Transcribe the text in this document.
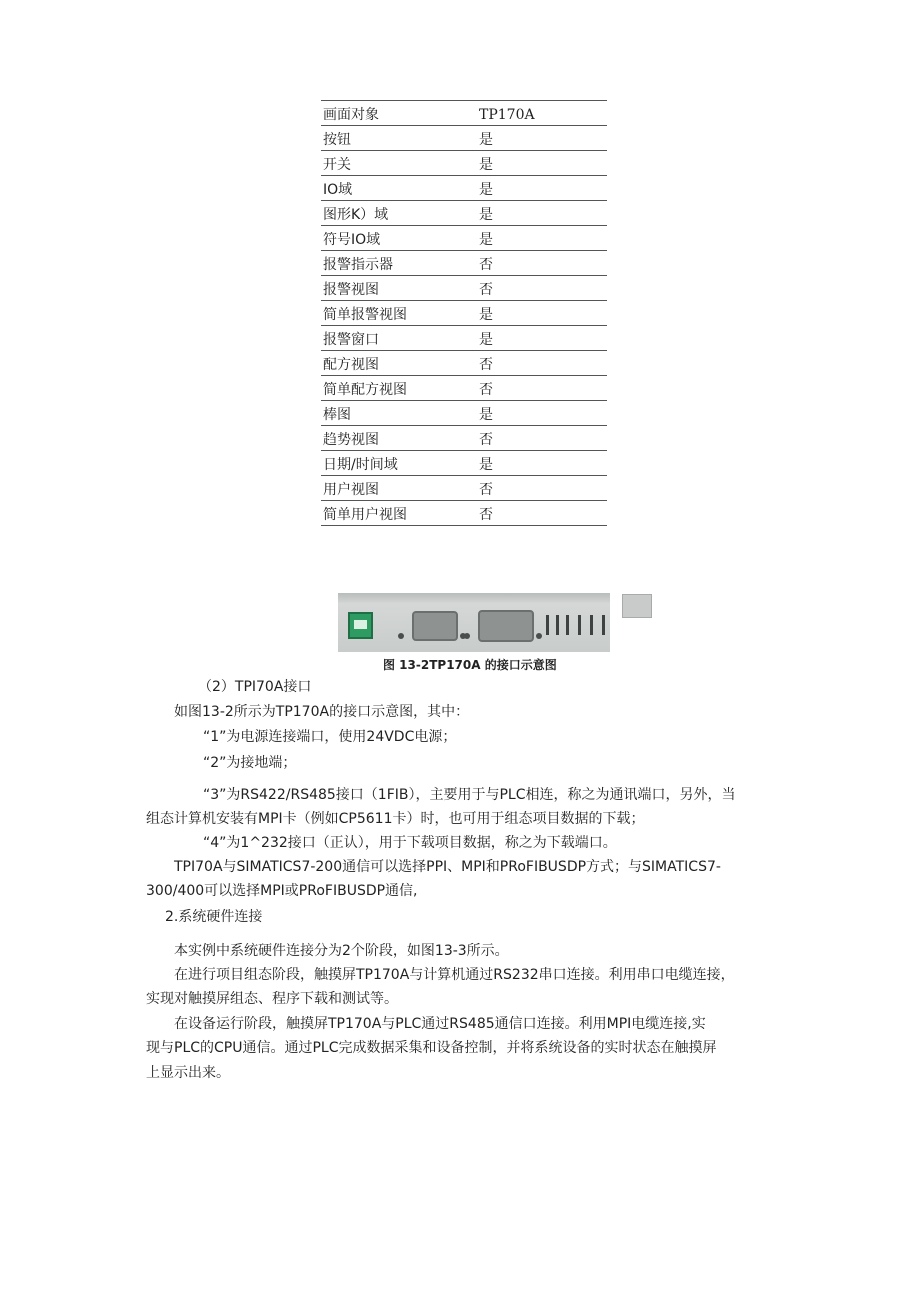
画面对象	TP170A
按钮	是
开关	是
IO域	是
图形K）域	是
符号IO域	是
报警指示器	否
报警视图	否
简单报警视图	是
报警窗口	是
配方视图	否
简单配方视图	否
棒图	是
趋势视图	否
日期/时间域	是
用户视图	否
简单用户视图	否
图 13-2TP170A 的接口示意图
（2）TPI70A接口
如图13-2所示为TP170A的接口示意图，其中：
“1”为电源连接端口，使用24VDC电源；
“2”为接地端；
“3”为RS422/RS485接口（1FIB），主要用于与PLC相连，称之为通讯端口，另外，当
组态计算机安装有MPI卡（例如CP5611卡）时，也可用于组态项目数据的下载；
“4”为1^232接口（正认），用于下载项目数据，称之为下载端口。
TPI70A与SIMATICS7-200通信可以选择PPI、MPI和PRoFIBUSDP方式；与SIMATICS7-
300/400可以选择MPI或PRoFIBUSDP通信,
2.系统硬件连接
本实例中系统硬件连接分为2个阶段，如图13-3所示。
在进行项目组态阶段，触摸屏TP170A与计算机通过RS232串口连接。利用串口电缆连接，
实现对触摸屏组态、程序下载和测试等。
在设备运行阶段，触摸屏TP170A与PLC通过RS485通信口连接。利用MPI电缆连接,实
现与PLC的CPU通信。通过PLC完成数据采集和设备控制，并将系统设备的实时状态在触摸屏
上显示出来。
